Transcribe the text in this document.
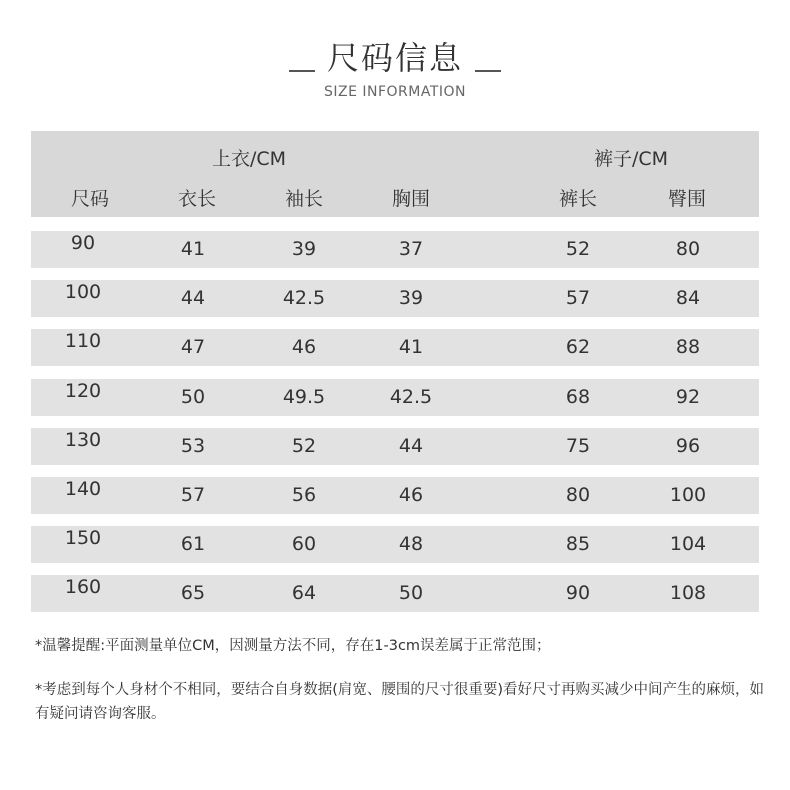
尺码信息
SIZE INFORMATION
上衣/CM	裤子/CM
尺码	衣长	袖长	胸围	裤长	臀围
90	41	39	37	52	80
100	44	42.5	39	57	84
110	47	46	41	62	88
120	50	49.5	42.5	68	92
130	53	52	44	75	96
140	57	56	46	80	100
150	61	60	48	85	104
160	65	64	50	90	108

*温馨提醒:平面测量单位CM，因测量方法不同，存在1-3cm误差属于正常范围；

*考虑到每个人身材个不相同，要结合自身数据(肩宽、腰围的尺寸很重要)看好尺寸再购买减少中间产生的麻烦，如有疑问请咨询客服。
